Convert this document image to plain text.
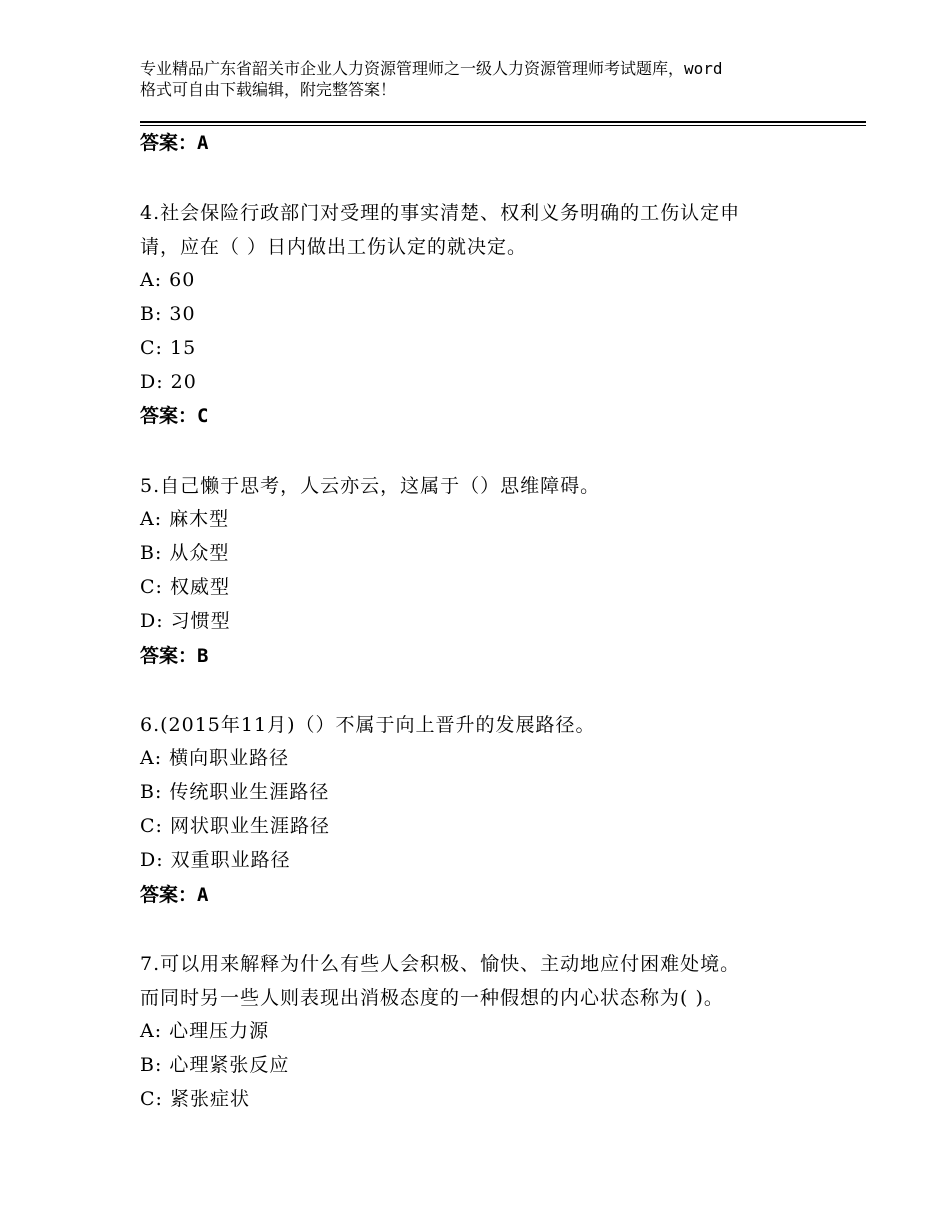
专业精品广东省韶关市企业人力资源管理师之一级人力资源管理师考试题库，word
格式可自由下载编辑，附完整答案！
答案：A
4.社会保险行政部门对受理的事实清楚、权利义务明确的工伤认定申
请，应在（ ）日内做出工伤认定的就决定。
A: 60
B: 30
C: 15
D: 20
答案：C
5.自己懒于思考，人云亦云，这属于（）思维障碍。
A: 麻木型
B: 从众型
C: 权威型
D: 习惯型
答案：B
6.(2015年11月)（）不属于向上晋升的发展路径。
A: 横向职业路径
B: 传统职业生涯路径
C: 网状职业生涯路径
D: 双重职业路径
答案：A
7.可以用来解释为什么有些人会积极、愉快、主动地应付困难处境。
而同时另一些人则表现出消极态度的一种假想的内心状态称为( )。
A: 心理压力源
B: 心理紧张反应
C: 紧张症状
